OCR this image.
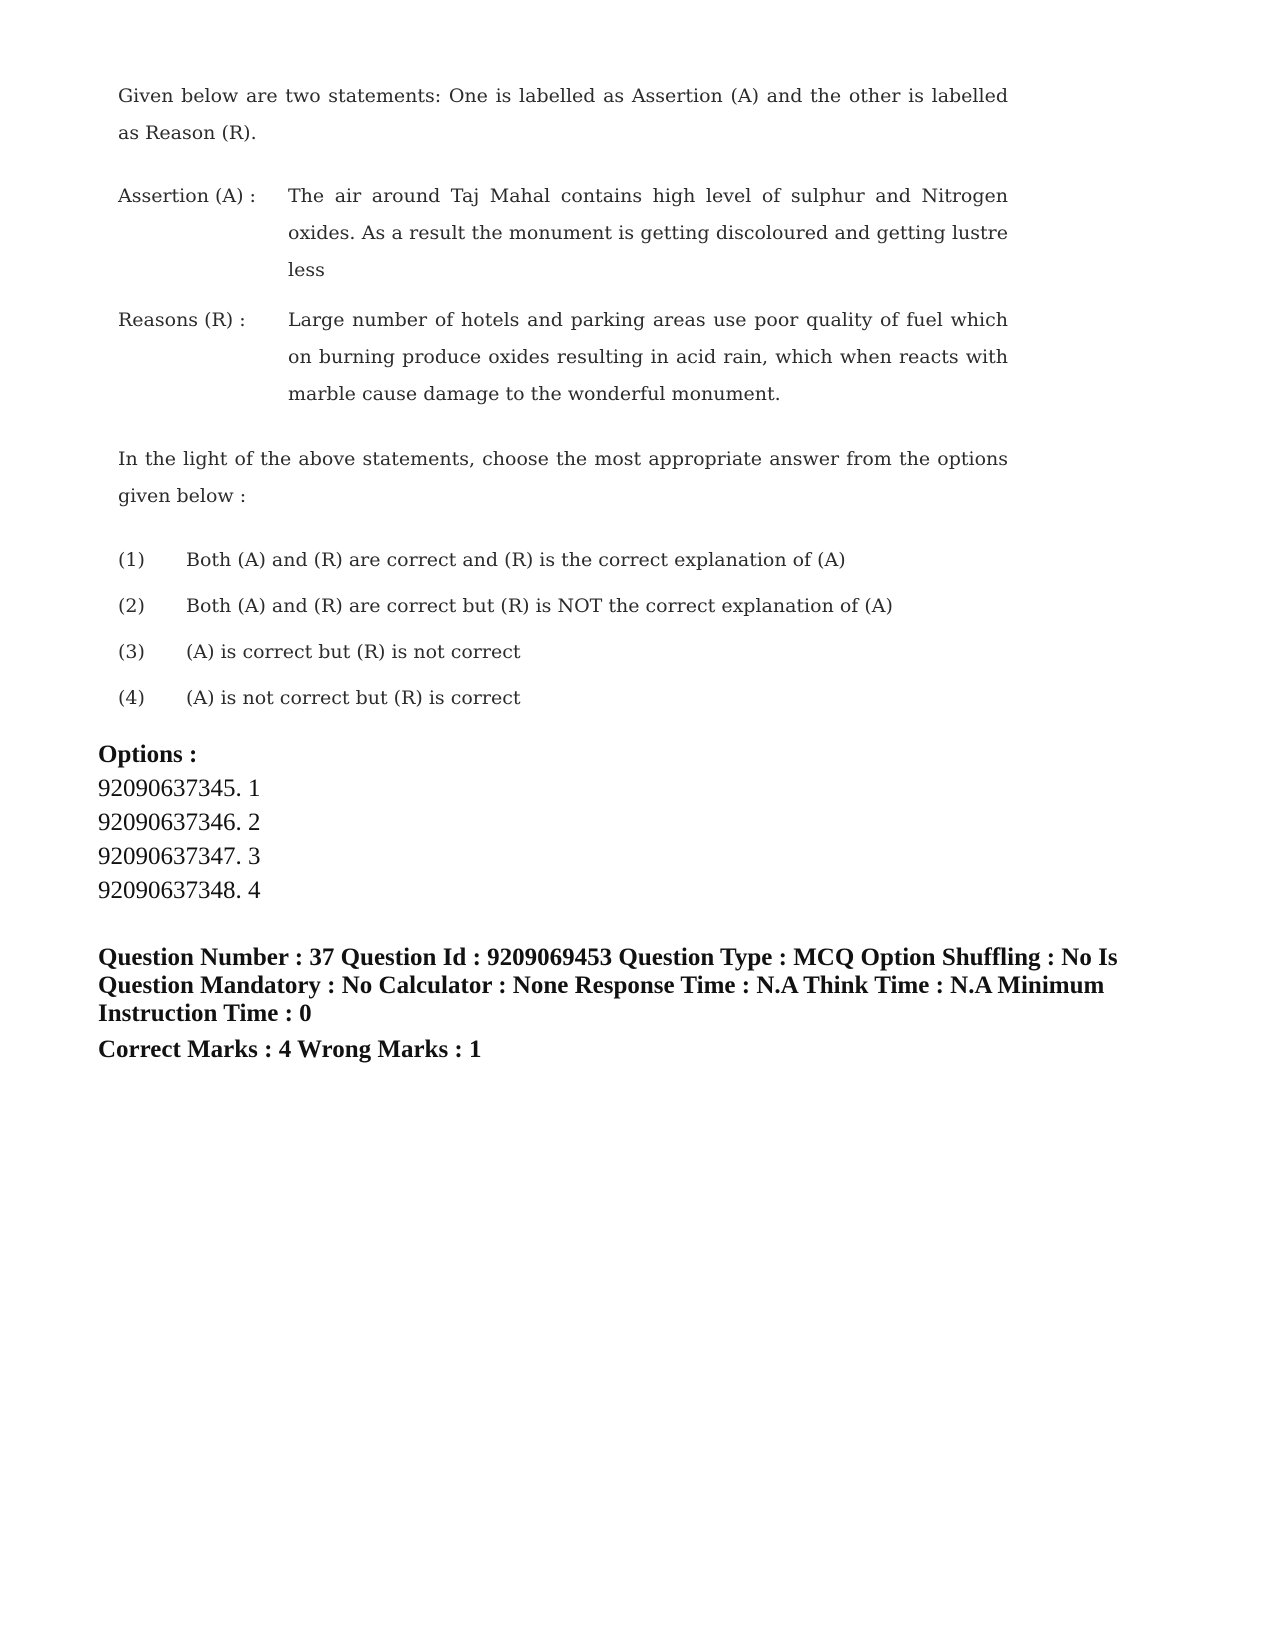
Given below are two statements: One is labelled as Assertion (A) and the other is labelled as Reason (R).

Assertion (A) :	The air around Taj Mahal contains high level of sulphur and Nitrogen oxides. As a result the monument is getting discoloured and getting lustre less
Reasons (R) :	Large number of hotels and parking areas use poor quality of fuel which on burning produce oxides resulting in acid rain, which when reacts with marble cause damage to the wonderful monument.

In the light of the above statements, choose the most appropriate answer from the options given below :

(1)	Both (A) and (R) are correct and (R) is the correct explanation of (A)
(2)	Both (A) and (R) are correct but (R) is NOT the correct explanation of (A)
(3)	(A) is correct but (R) is not correct
(4)	(A) is not correct but (R) is correct
Options :
92090637345. 1
92090637346. 2
92090637347. 3
92090637348. 4
Question Number : 37 Question Id : 9209069453 Question Type : MCQ Option Shuffling : No Is
Question Mandatory : No Calculator : None Response Time : N.A Think Time : N.A Minimum
Instruction Time : 0
Correct Marks : 4 Wrong Marks : 1
